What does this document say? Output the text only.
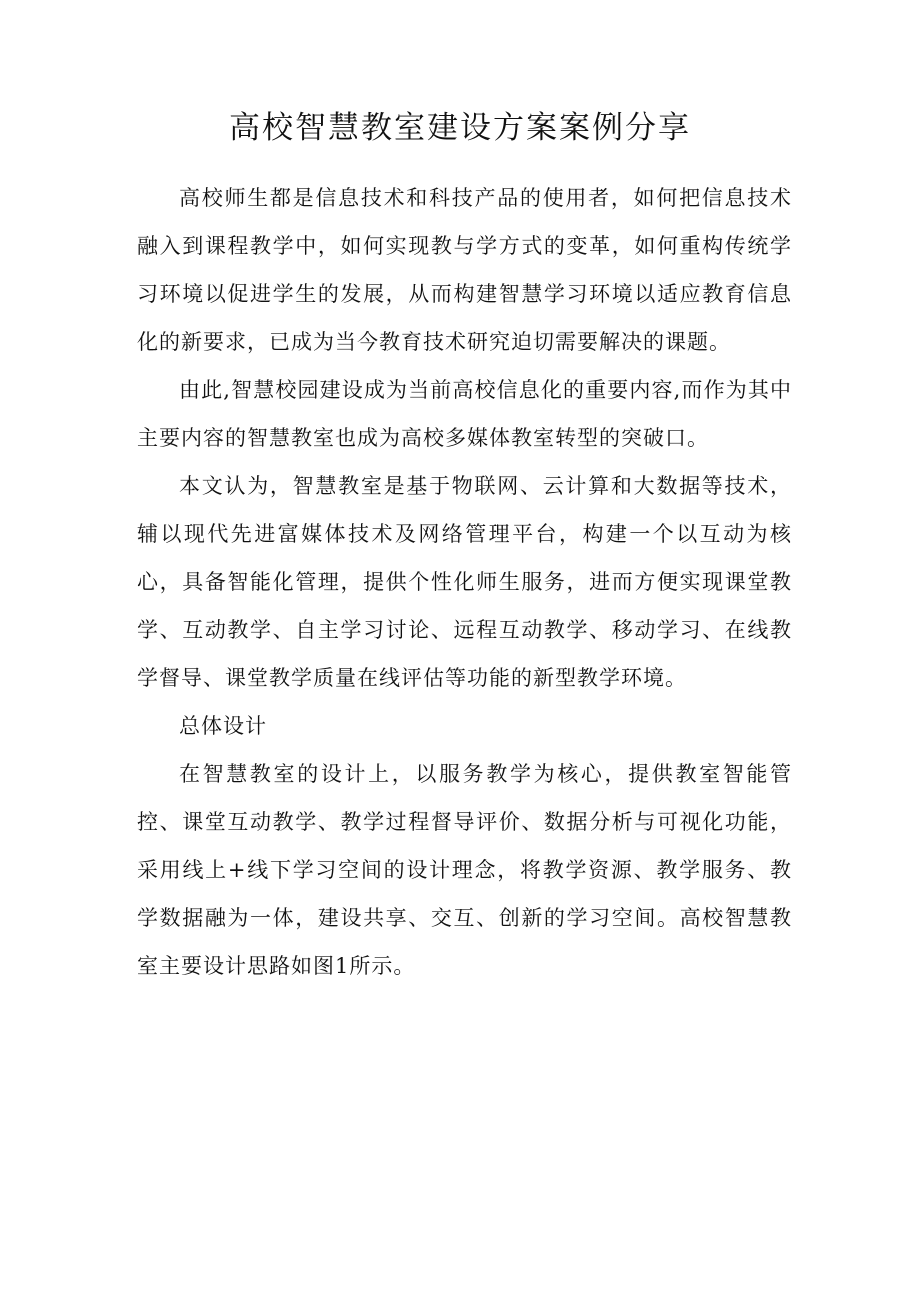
高校智慧教室建设方案案例分享

高校师生都是信息技术和科技产品的使用者，如何把信息技术融入到课程教学中，如何实现教与学方式的变革，如何重构传统学习环境以促进学生的发展，从而构建智慧学习环境以适应教育信息化的新要求，已成为当今教育技术研究迫切需要解决的课题。

由此,智慧校园建设成为当前高校信息化的重要内容,而作为其中主要内容的智慧教室也成为高校多媒体教室转型的突破口。

本文认为，智慧教室是基于物联网、云计算和大数据等技术，辅以现代先进富媒体技术及网络管理平台，构建一个以互动为核心，具备智能化管理，提供个性化师生服务，进而方便实现课堂教学、互动教学、自主学习讨论、远程互动教学、移动学习、在线教学督导、课堂教学质量在线评估等功能的新型教学环境。

总体设计

在智慧教室的设计上，以服务教学为核心，提供教室智能管控、课堂互动教学、教学过程督导评价、数据分析与可视化功能，采用线上+线下学习空间的设计理念，将教学资源、教学服务、教学数据融为一体，建设共享、交互、创新的学习空间。高校智慧教室主要设计思路如图1所示。
